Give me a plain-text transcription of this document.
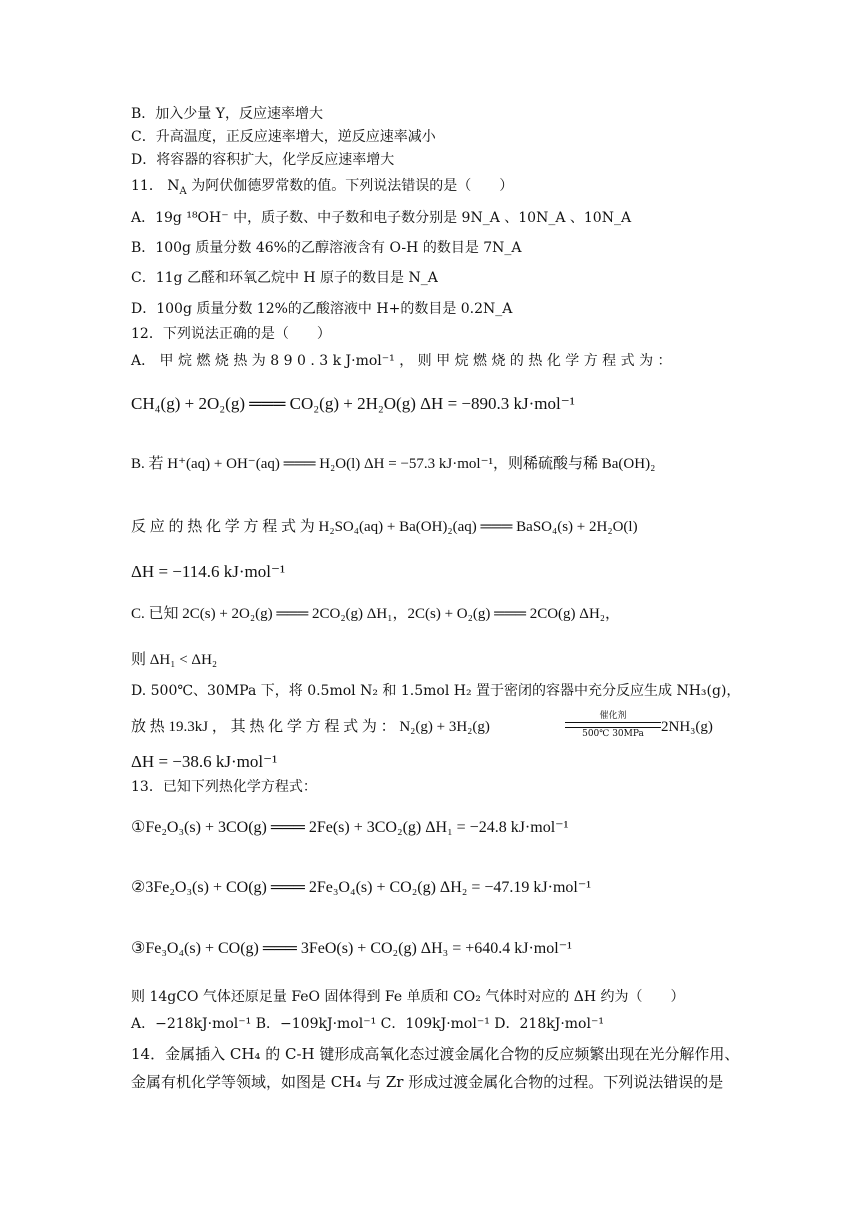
B．加入少量 Y，反应速率增大
C．升高温度，正反应速率增大，逆反应速率减小
D．将容器的容积扩大，化学反应速率增大
11． $N_A$ 为阿伏伽德罗常数的值。下列说法错误的是（　　）
A．19g ¹⁸OH⁻ 中，质子数、中子数和电子数分别是 9N_A 、10N_A 、10N_A
B．100g 质量分数 46%的乙醇溶液含有 O-H 的数目是 7N_A
C．11g 乙醛和环氧乙烷中 H 原子的数目是 N_A
D．100g 质量分数 12%的乙酸溶液中 H+的数目是 0.2N_A
12．下列说法正确的是（　　）
A． 甲 烷 燃 烧 热 为 8 9 0 . 3 k J·mol⁻¹ ， 则 甲 烷 燃 烧 的 热 化 学 方 程 式 为 ：
CH₄(g) + 2O₂(g) ═══ CO₂(g) + 2H₂O(g) ΔH = −890.3 kJ·mol⁻¹
B. 若 H⁺(aq) + OH⁻(aq) ═══ H₂O(l) ΔH = −57.3 kJ·mol⁻¹，则稀硫酸与稀 Ba(OH)₂
反 应 的 热 化 学 方 程 式 为 H₂SO₄(aq) + Ba(OH)₂(aq) ═══ BaSO₄(s) + 2H₂O(l)
ΔH = −114.6 kJ·mol⁻¹
C. 已知 2C(s) + 2O₂(g) ═══ 2CO₂(g) ΔH₁，2C(s) + O₂(g) ═══ 2CO(g) ΔH₂，
则 ΔH₁ < ΔH₂
D. 500℃、30MPa 下，将 0.5mol N₂ 和 1.5mol H₂ 置于密闭的容器中充分反应生成 NH₃(g)，
放 热 19.3kJ ， 其 热 化 学 方 程 式 为 ： N₂(g) + 3H₂(g)
催化剂
500℃ 30MPa	2NH₃(g)
ΔH = −38.6 kJ·mol⁻¹
13．已知下列热化学方程式：
①Fe₂O₃(s) + 3CO(g) ═══ 2Fe(s) + 3CO₂(g) ΔH₁ = −24.8 kJ·mol⁻¹
②3Fe₂O₃(s) + CO(g) ═══ 2Fe₃O₄(s) + CO₂(g) ΔH₂ = −47.19 kJ·mol⁻¹
③Fe₃O₄(s) + CO(g) ═══ 3FeO(s) + CO₂(g) ΔH₃ = +640.4 kJ·mol⁻¹
则 14gCO 气体还原足量 FeO 固体得到 Fe 单质和 CO₂ 气体时对应的 ΔH 约为（　　）
A．−218kJ·mol⁻¹ B．−109kJ·mol⁻¹ C．109kJ·mol⁻¹ D．218kJ·mol⁻¹
14．金属插入 CH₄ 的 C-H 键形成高氧化态过渡金属化合物的反应频繁出现在光分解作用、
金属有机化学等领域，如图是 CH₄ 与 Zr 形成过渡金属化合物的过程。下列说法错误的是
